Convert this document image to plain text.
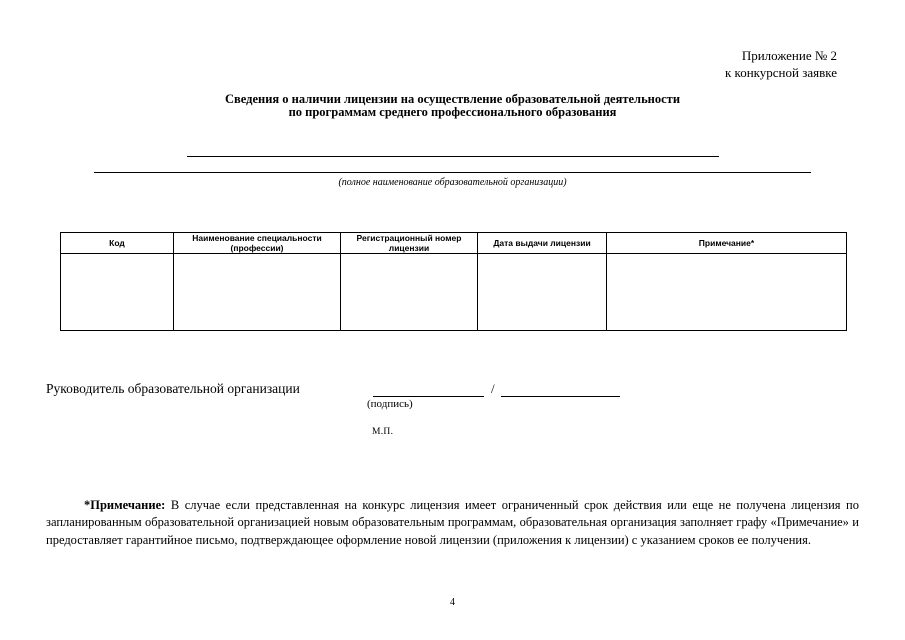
Приложение № 2
к конкурсной заявке
Сведения о наличии лицензии на осуществление образовательной деятельности
по программам среднего профессионального образования
(полное наименование образовательной организации)
Код	Наименование специальности (профессии)	Регистрационный номер лицензии	Дата выдачи лицензии	Примечание*

Руководитель образовательной организации	/
(подпись)
М.П.
*Примечание: В случае если представленная на конкурс лицензия имеет ограниченный срок действия или еще не получена лицензия по запланированным образовательной организацией новым образовательным программам, образовательная организация заполняет графу «Примечание» и предоставляет гарантийное письмо, подтверждающее оформление новой лицензии (приложения к лицензии) с указанием сроков ее получения.
4
